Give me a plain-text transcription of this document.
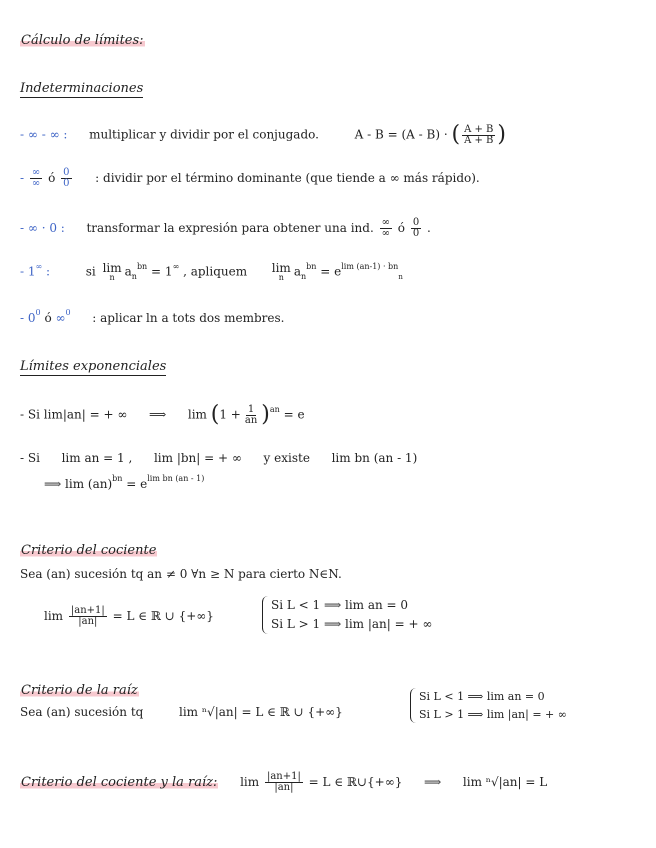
Cálculo de límites:
Indeterminaciones
- ∞ - ∞ : multiplicar y dividir por el conjugado.	A - B = (A - B) · ( $\frac{A + B}{A + B}$ )
- $\frac{\infty}{\infty}$ ó $\frac{0}{0}$ : dividir por el término dominante (que tiende a ∞ más rápido).
- ∞ · 0 : transformar la expresión para obtener una ind. $\frac{\infty}{\infty}$ ó $\frac{0}{0}$ .
- 1∞ :	si lim
n $a_n^{bn} = 1^\infty$ , apliquem lim
n $a_n^{bn} = e^{lim (an-1) \cdot bn}_n$
- $0^0$ ó ∞$^0$ : aplicar ln a tots dos membres.
Límites exponenciales
- Si lim|an| = + ∞ ⟹ $\lim (1 + \frac{1}{an} )^{an} = e$
- Si lim an = 1 , lim |bn| = + ∞ y existe lim bn (an - 1)
⟹ $\lim (an)^{bn} = e^{lim bn (an - 1)}$
Criterio del cociente
Sea (an) sucesión tq an ≠ 0 ∀n ≥ N para cierto N∈N.
$\lim \frac{|an+1|}{|an|} = L$ ∈ ℝ ∪ {+∞}
Si L < 1 ⟹ lim an = 0
Si L > 1 ⟹ lim |an| = + ∞
Criterio de la raíz
Sea (an) sucesión tq	lim ⁿ√|an| = L ∈ ℝ ∪ {+∞}
Si L < 1 ⟹ lim an = 0
Si L > 1 ⟹ lim |an| = + ∞
Criterio del cociente y la raíz: $\lim \frac{|an+1|}{|an|} = L$ ∈ ℝ∪{+∞} ⟹ lim ⁿ√|an| = L
